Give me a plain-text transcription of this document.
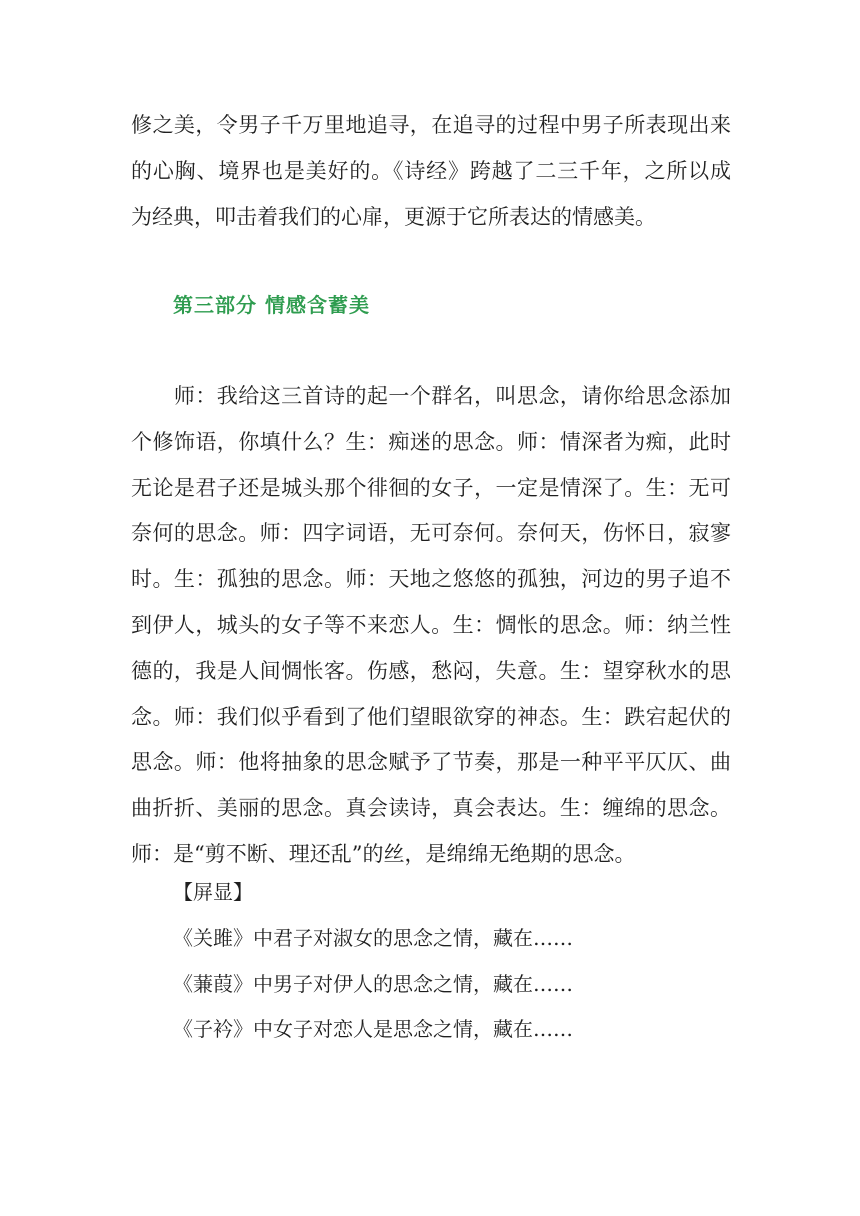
修之美，令男子千万里地追寻，在追寻的过程中男子所表现出来
的心胸、境界也是美好的。《诗经》跨越了二三千年，之所以成
为经典，叩击着我们的心扉，更源于它所表达的情感美。
第三部分 情感含蓄美
　　师：我给这三首诗的起一个群名，叫思念，请你给思念添加
个修饰语，你填什么？生：痴迷的思念。师：情深者为痴，此时
无论是君子还是城头那个徘徊的女子，一定是情深了。生：无可
奈何的思念。师：四字词语，无可奈何。奈何天，伤怀日，寂寥
时。生：孤独的思念。师：天地之悠悠的孤独，河边的男子追不
到伊人，城头的女子等不来恋人。生：惆怅的思念。师：纳兰性
德的，我是人间惆怅客。伤感，愁闷，失意。生：望穿秋水的思
念。师：我们似乎看到了他们望眼欲穿的神态。生：跌宕起伏的
思念。师：他将抽象的思念赋予了节奏，那是一种平平仄仄、曲
曲折折、美丽的思念。真会读诗，真会表达。生：缠绵的思念。
师：是“剪不断、理还乱”的丝，是绵绵无绝期的思念。
【屏显】
《关雎》中君子对淑女的思念之情，藏在……
《蒹葭》中男子对伊人的思念之情，藏在……
《子衿》中女子对恋人是思念之情，藏在……
